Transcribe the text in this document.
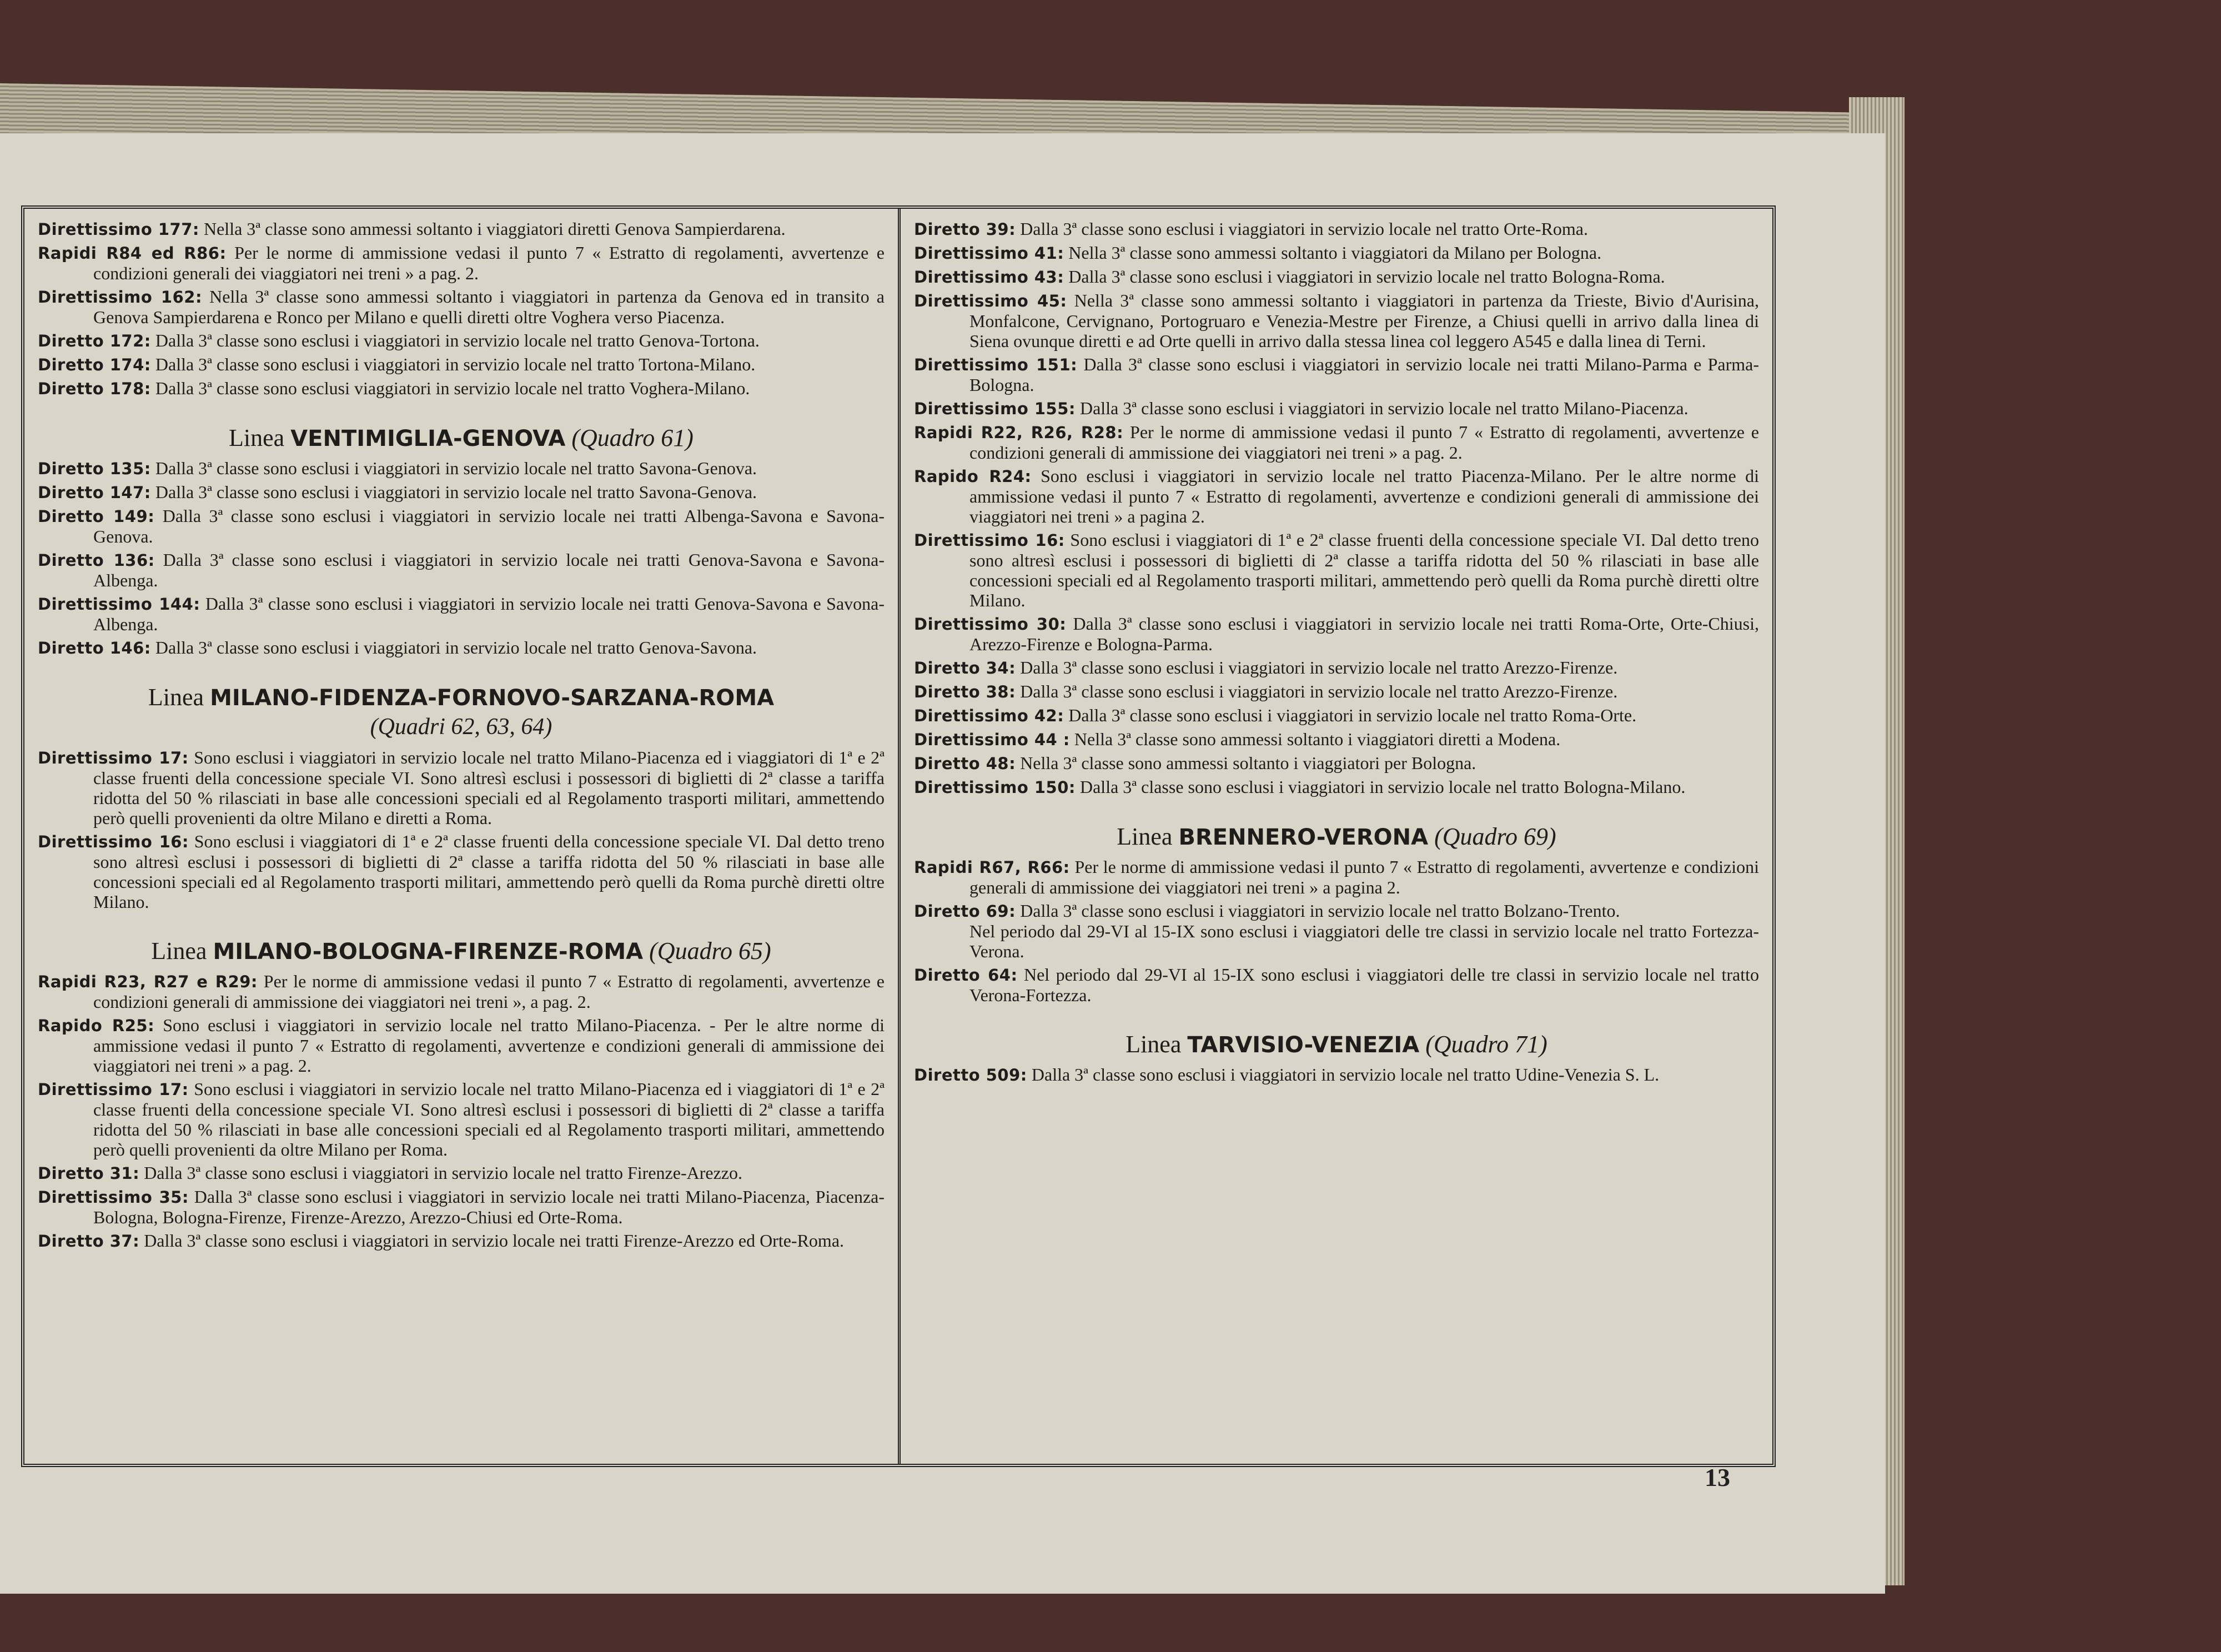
Direttissimo 177: Nella 3ª classe sono ammessi soltanto i viaggiatori diretti Genova Sampierdarena.

Rapidi R84 ed R86: Per le norme di ammissione vedasi il punto 7 « Estratto di regolamenti, avvertenze e condizioni generali dei viaggiatori nei treni » a pag. 2.

Direttissimo 162: Nella 3ª classe sono ammessi soltanto i viaggiatori in partenza da Genova ed in transito a Genova Sampierdarena e Ronco per Milano e quelli diretti oltre Voghera verso Piacenza.

Diretto 172: Dalla 3ª classe sono esclusi i viaggiatori in servizio locale nel tratto Genova-Tortona.

Diretto 174: Dalla 3ª classe sono esclusi i viaggiatori in servizio locale nel tratto Tortona-Milano.

Diretto 178: Dalla 3ª classe sono esclusi viaggiatori in servizio locale nel tratto Voghera-Milano.

Linea VENTIMIGLIA-GENOVA (Quadro 61)

Diretto 135: Dalla 3ª classe sono esclusi i viaggiatori in servizio locale nel tratto Savona-Genova.

Diretto 147: Dalla 3ª classe sono esclusi i viaggiatori in servizio locale nel tratto Savona-Genova.

Diretto 149: Dalla 3ª classe sono esclusi i viaggiatori in servizio locale nei tratti Albenga-Savona e Savona-Genova.

Diretto 136: Dalla 3ª classe sono esclusi i viaggiatori in servizio locale nei tratti Genova-Savona e Savona-Albenga.

Direttissimo 144: Dalla 3ª classe sono esclusi i viaggiatori in servizio locale nei tratti Genova-Savona e Savona-Albenga.

Diretto 146: Dalla 3ª classe sono esclusi i viaggiatori in servizio locale nel tratto Genova-Savona.

Linea MILANO-FIDENZA-FORNOVO-SARZANA-ROMA
(Quadri 62, 63, 64)

Direttissimo 17: Sono esclusi i viaggiatori in servizio locale nel tratto Milano-Piacenza ed i viaggiatori di 1ª e 2ª classe fruenti della concessione speciale VI. Sono altresì esclusi i possessori di biglietti di 2ª classe a tariffa ridotta del 50 % rilasciati in base alle concessioni speciali ed al Regolamento trasporti militari, ammettendo però quelli provenienti da oltre Milano e diretti a Roma.

Direttissimo 16: Sono esclusi i viaggiatori di 1ª e 2ª classe fruenti della concessione speciale VI. Dal detto treno sono altresì esclusi i possessori di biglietti di 2ª classe a tariffa ridotta del 50 % rilasciati in base alle concessioni speciali ed al Regolamento trasporti militari, ammettendo però quelli da Roma purchè diretti oltre Milano.

Linea MILANO-BOLOGNA-FIRENZE-ROMA (Quadro 65)

Rapidi R23, R27 e R29: Per le norme di ammissione vedasi il punto 7 « Estratto di regolamenti, avvertenze e condizioni generali di ammissione dei viaggiatori nei treni », a pag. 2.

Rapido R25: Sono esclusi i viaggiatori in servizio locale nel tratto Milano-Piacenza. - Per le altre norme di ammissione vedasi il punto 7 « Estratto di regolamenti, avvertenze e condizioni generali di ammissione dei viaggiatori nei treni » a pag. 2.

Direttissimo 17: Sono esclusi i viaggiatori in servizio locale nel tratto Milano-Piacenza ed i viaggiatori di 1ª e 2ª classe fruenti della concessione speciale VI. Sono altresì esclusi i possessori di biglietti di 2ª classe a tariffa ridotta del 50 % rilasciati in base alle concessioni speciali ed al Regolamento trasporti militari, ammettendo però quelli provenienti da oltre Milano per Roma.

Diretto 31: Dalla 3ª classe sono esclusi i viaggiatori in servizio locale nel tratto Firenze-Arezzo.

Direttissimo 35: Dalla 3ª classe sono esclusi i viaggiatori in servizio locale nei tratti Milano-Piacenza, Piacenza-Bologna, Bologna-Firenze, Firenze-Arezzo, Arezzo-Chiusi ed Orte-Roma.

Diretto 37: Dalla 3ª classe sono esclusi i viaggiatori in servizio locale nei tratti Firenze-Arezzo ed Orte-Roma.

Diretto 39: Dalla 3ª classe sono esclusi i viaggiatori in servizio locale nel tratto Orte-Roma.

Direttissimo 41: Nella 3ª classe sono ammessi soltanto i viaggiatori da Milano per Bologna.

Direttissimo 43: Dalla 3ª classe sono esclusi i viaggiatori in servizio locale nel tratto Bologna-Roma.

Direttissimo 45: Nella 3ª classe sono ammessi soltanto i viaggiatori in partenza da Trieste, Bivio d'Aurisina, Monfalcone, Cervignano, Portogruaro e Venezia-Mestre per Firenze, a Chiusi quelli in arrivo dalla linea di Siena ovunque diretti e ad Orte quelli in arrivo dalla stessa linea col leggero A545 e dalla linea di Terni.

Direttissimo 151: Dalla 3ª classe sono esclusi i viaggiatori in servizio locale nei tratti Milano-Parma e Parma-Bologna.

Direttissimo 155: Dalla 3ª classe sono esclusi i viaggiatori in servizio locale nel tratto Milano-Piacenza.

Rapidi R22, R26, R28: Per le norme di ammissione vedasi il punto 7 « Estratto di regolamenti, avvertenze e condizioni generali di ammissione dei viaggiatori nei treni » a pag. 2.

Rapido R24: Sono esclusi i viaggiatori in servizio locale nel tratto Piacenza-Milano. Per le altre norme di ammissione vedasi il punto 7 « Estratto di regolamenti, avvertenze e condizioni generali di ammissione dei viaggiatori nei treni » a pagina 2.

Direttissimo 16: Sono esclusi i viaggiatori di 1ª e 2ª classe fruenti della concessione speciale VI. Dal detto treno sono altresì esclusi i possessori di biglietti di 2ª classe a tariffa ridotta del 50 % rilasciati in base alle concessioni speciali ed al Regolamento trasporti militari, ammettendo però quelli da Roma purchè diretti oltre Milano.

Direttissimo 30: Dalla 3ª classe sono esclusi i viaggiatori in servizio locale nei tratti Roma-Orte, Orte-Chiusi, Arezzo-Firenze e Bologna-Parma.

Diretto 34: Dalla 3ª classe sono esclusi i viaggiatori in servizio locale nel tratto Arezzo-Firenze.

Diretto 38: Dalla 3ª classe sono esclusi i viaggiatori in servizio locale nel tratto Arezzo-Firenze.

Direttissimo 42: Dalla 3ª classe sono esclusi i viaggiatori in servizio locale nel tratto Roma-Orte.

Direttissimo 44 : Nella 3ª classe sono ammessi soltanto i viaggiatori diretti a Modena.

Diretto 48: Nella 3ª classe sono ammessi soltanto i viaggiatori per Bologna.

Direttissimo 150: Dalla 3ª classe sono esclusi i viaggiatori in servizio locale nel tratto Bologna-Milano.

Linea BRENNERO-VERONA (Quadro 69)

Rapidi R67, R66: Per le norme di ammissione vedasi il punto 7 « Estratto di regolamenti, avvertenze e condizioni generali di ammissione dei viaggiatori nei treni » a pagina 2.

Diretto 69: Dalla 3ª classe sono esclusi i viaggiatori in servizio locale nel tratto Bolzano-Trento.
Nel periodo dal 29-VI al 15-IX sono esclusi i viaggiatori delle tre classi in servizio locale nel tratto Fortezza-Verona.

Diretto 64: Nel periodo dal 29-VI al 15-IX sono esclusi i viaggiatori delle tre classi in servizio locale nel tratto Verona-Fortezza.

Linea TARVISIO-VENEZIA (Quadro 71)

Diretto 509: Dalla 3ª classe sono esclusi i viaggiatori in servizio locale nel tratto Udine-Venezia S. L.

13
